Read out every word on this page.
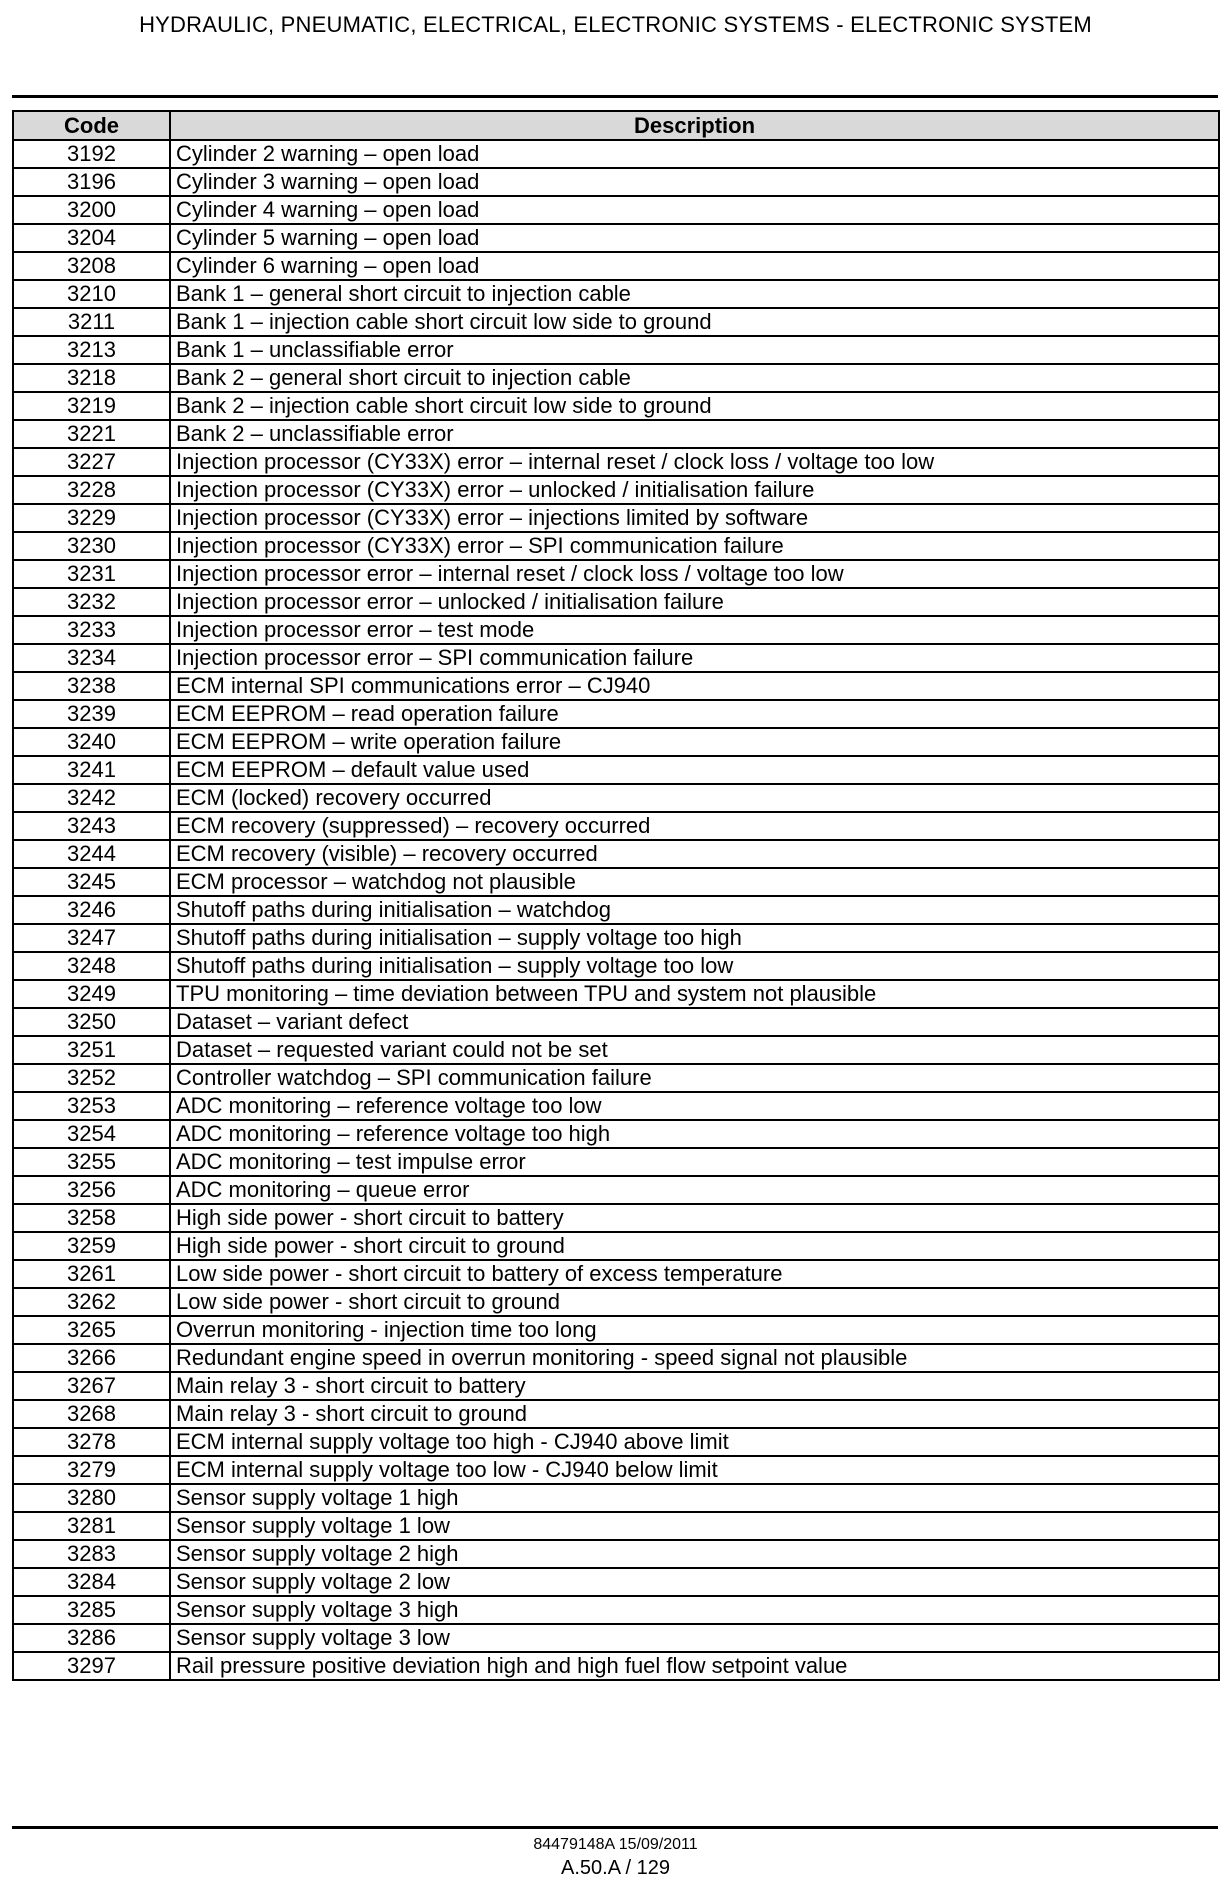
HYDRAULIC, PNEUMATIC, ELECTRICAL, ELECTRONIC SYSTEMS - ELECTRONIC SYSTEM
Code	Description
3192	Cylinder 2 warning – open load
3196	Cylinder 3 warning – open load
3200	Cylinder 4 warning – open load
3204	Cylinder 5 warning – open load
3208	Cylinder 6 warning – open load
3210	Bank 1 – general short circuit to injection cable
3211	Bank 1 – injection cable short circuit low side to ground
3213	Bank 1 – unclassifiable error
3218	Bank 2 – general short circuit to injection cable
3219	Bank 2 – injection cable short circuit low side to ground
3221	Bank 2 – unclassifiable error
3227	Injection processor (CY33X) error – internal reset / clock loss / voltage too low
3228	Injection processor (CY33X) error – unlocked / initialisation failure
3229	Injection processor (CY33X) error – injections limited by software
3230	Injection processor (CY33X) error – SPI communication failure
3231	Injection processor error – internal reset / clock loss / voltage too low
3232	Injection processor error – unlocked / initialisation failure
3233	Injection processor error – test mode
3234	Injection processor error – SPI communication failure
3238	ECM internal SPI communications error – CJ940
3239	ECM EEPROM – read operation failure
3240	ECM EEPROM – write operation failure
3241	ECM EEPROM – default value used
3242	ECM (locked) recovery occurred
3243	ECM recovery (suppressed) – recovery occurred
3244	ECM recovery (visible) – recovery occurred
3245	ECM processor – watchdog not plausible
3246	Shutoff paths during initialisation – watchdog
3247	Shutoff paths during initialisation – supply voltage too high
3248	Shutoff paths during initialisation – supply voltage too low
3249	TPU monitoring – time deviation between TPU and system not plausible
3250	Dataset – variant defect
3251	Dataset – requested variant could not be set
3252	Controller watchdog – SPI communication failure
3253	ADC monitoring – reference voltage too low
3254	ADC monitoring – reference voltage too high
3255	ADC monitoring – test impulse error
3256	ADC monitoring – queue error
3258	High side power - short circuit to battery
3259	High side power - short circuit to ground
3261	Low side power - short circuit to battery of excess temperature
3262	Low side power - short circuit to ground
3265	Overrun monitoring - injection time too long
3266	Redundant engine speed in overrun monitoring - speed signal not plausible
3267	Main relay 3 - short circuit to battery
3268	Main relay 3 - short circuit to ground
3278	ECM internal supply voltage too high - CJ940 above limit
3279	ECM internal supply voltage too low - CJ940 below limit
3280	Sensor supply voltage 1 high
3281	Sensor supply voltage 1 low
3283	Sensor supply voltage 2 high
3284	Sensor supply voltage 2 low
3285	Sensor supply voltage 3 high
3286	Sensor supply voltage 3 low
3297	Rail pressure positive deviation high and high fuel flow setpoint value
84479148A 15/09/2011
A.50.A / 129
